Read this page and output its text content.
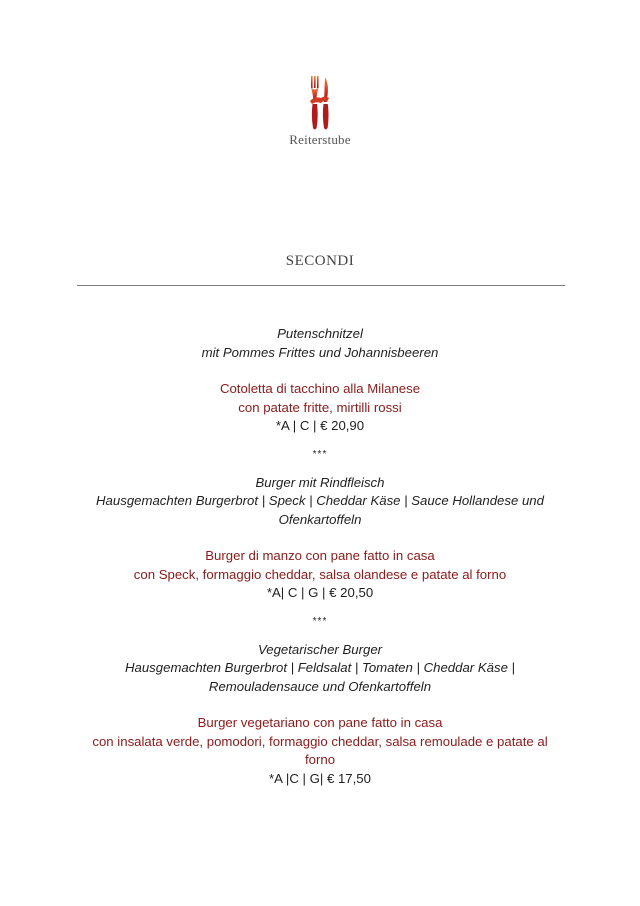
Reiterstube
SECONDI
Putenschnitzel
mit Pommes Frittes und Johannisbeeren
Cotoletta di tacchino alla Milanese
con patate fritte, mirtilli rossi
*A | C | € 20,90
***
Burger mit Rindfleisch
Hausgemachten Burgerbrot | Speck | Cheddar Käse | Sauce Hollandese und
Ofenkartoffeln
Burger di manzo con pane fatto in casa
con Speck, formaggio cheddar, salsa olandese e patate al forno
*A| C | G | € 20,50
***
Vegetarischer Burger
Hausgemachten Burgerbrot | Feldsalat | Tomaten | Cheddar Käse |
Remouladensauce und Ofenkartoffeln
Burger vegetariano con pane fatto in casa
con insalata verde, pomodori, formaggio cheddar, salsa remoulade e patate al
forno
*A |C | G| € 17,50
